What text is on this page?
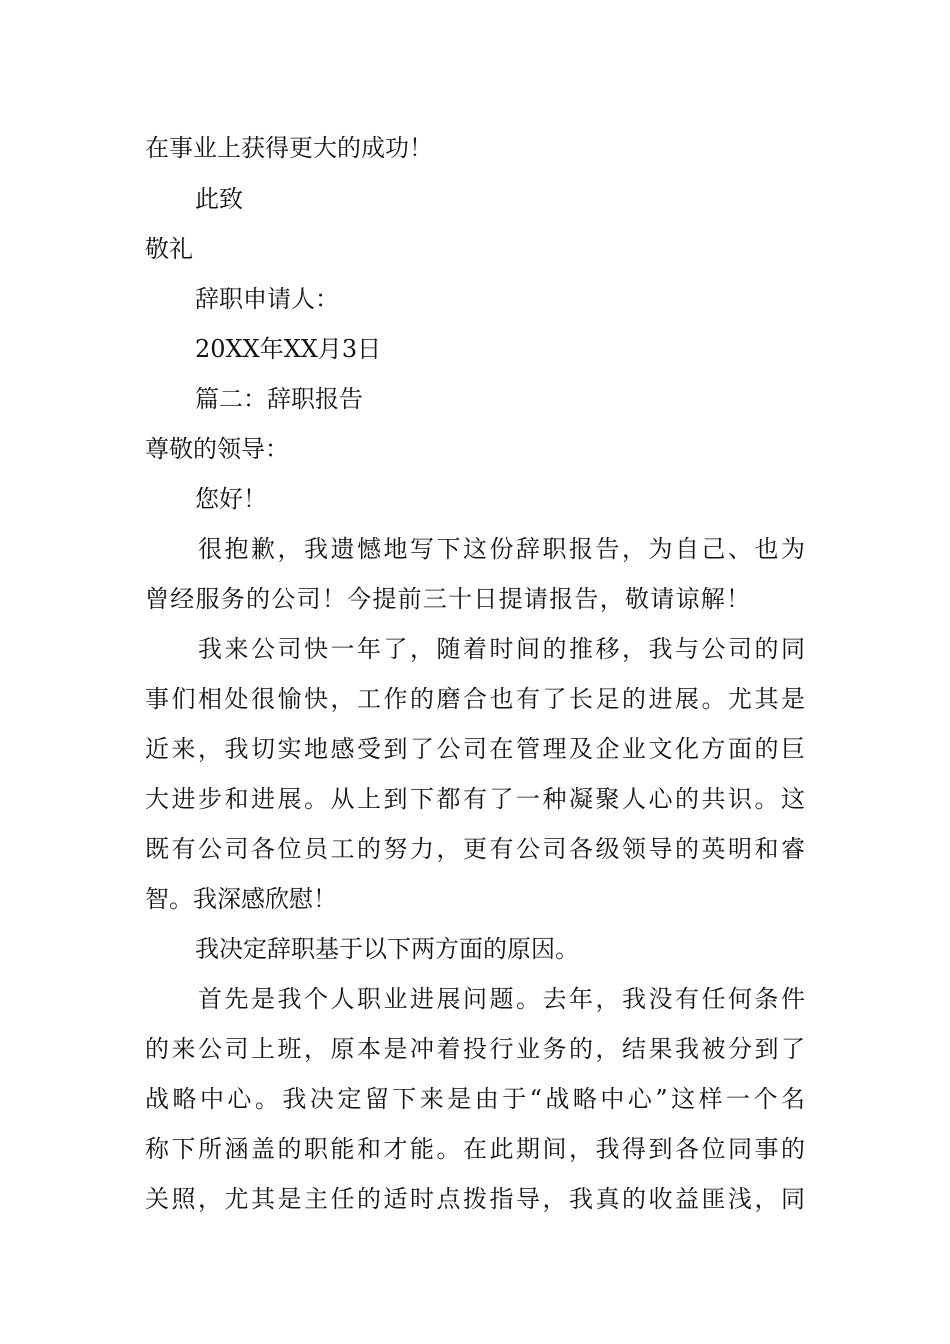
在事业上获得更大的成功！
此致
敬礼
辞职申请人：
20XX年XX月3日
篇二：辞职报告
尊敬的领导：
您好！
很抱歉，我遗憾地写下这份辞职报告，为自己、也为
曾经服务的公司！今提前三十日提请报告，敬请谅解！
我来公司快一年了，随着时间的推移，我与公司的同
事们相处很愉快，工作的磨合也有了长足的进展。尤其是
近来，我切实地感受到了公司在管理及企业文化方面的巨
大进步和进展。从上到下都有了一种凝聚人心的共识。这
既有公司各位员工的努力，更有公司各级领导的英明和睿
智。我深感欣慰！
我决定辞职基于以下两方面的原因。
首先是我个人职业进展问题。去年，我没有任何条件
的来公司上班，原本是冲着投行业务的，结果我被分到了
战略中心。我决定留下来是由于“战略中心”这样一个名
称下所涵盖的职能和才能。在此期间，我得到各位同事的
关照，尤其是主任的适时点拨指导，我真的收益匪浅，同
